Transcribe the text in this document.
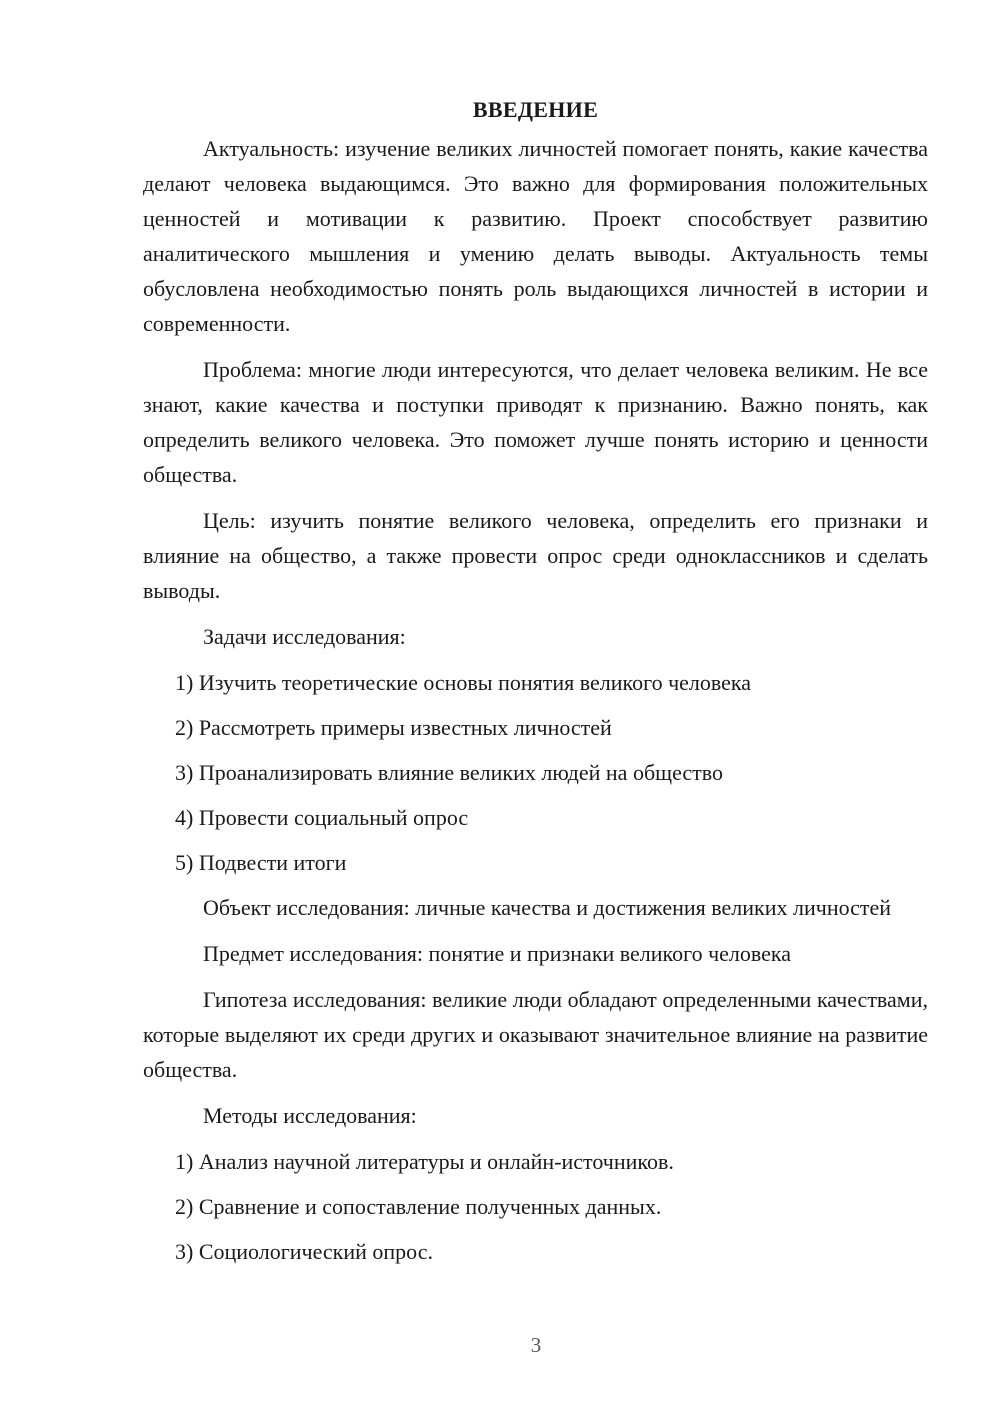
ВВЕДЕНИЕ

Актуальность: изучение великих личностей помогает понять, какие качества делают человека выдающимся. Это важно для формирования положительных ценностей и мотивации к развитию. Проект способствует развитию аналитического мышления и умению делать выводы. Актуальность темы обусловлена необходимостью понять роль выдающихся личностей в истории и современности.

Проблема: многие люди интересуются, что делает человека великим. Не все знают, какие качества и поступки приводят к признанию. Важно понять, как определить великого человека. Это поможет лучше понять историю и ценности общества.

Цель: изучить понятие великого человека, определить его признаки и влияние на общество, а также провести опрос среди одноклассников и сделать выводы.

Задачи исследования:

1) Изучить теоретические основы понятия великого человека

2) Рассмотреть примеры известных личностей

3) Проанализировать влияние великих людей на общество

4) Провести социальный опрос

5) Подвести итоги

Объект исследования: личные качества и достижения великих личностей

Предмет исследования: понятие и признаки великого человека

Гипотеза исследования: великие люди обладают определенными качествами, которые выделяют их среди других и оказывают значительное влияние на развитие общества.

Методы исследования:

1) Анализ научной литературы и онлайн-источников.

2) Сравнение и сопоставление полученных данных.

3) Социологический опрос.

3
